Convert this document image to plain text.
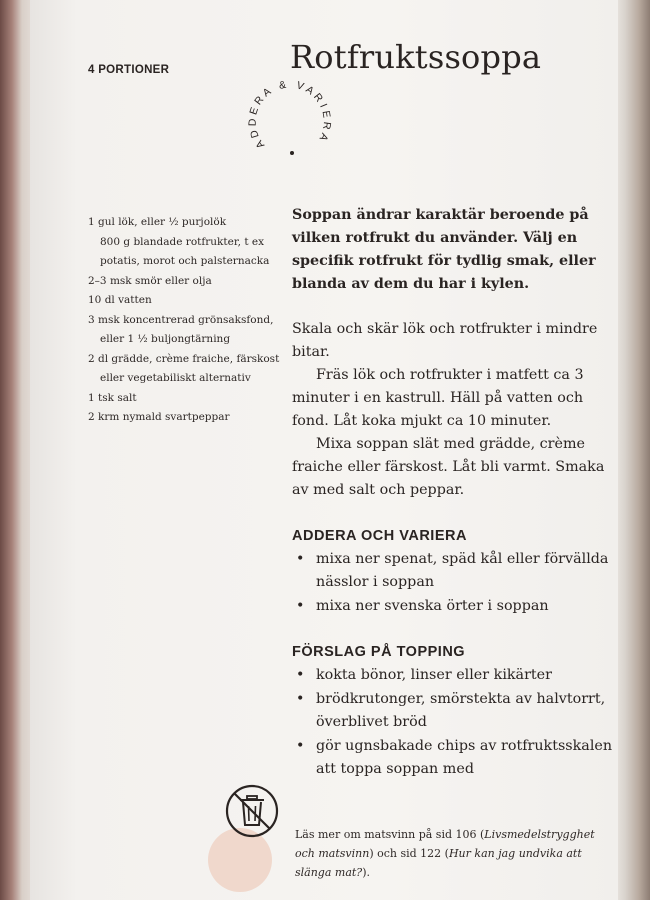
4 PORTIONER	Rotfruktssoppa
ADDERA & VARIERA
1 gul lök, eller ½ purjolök
800 g blandade rotfrukter, t ex
potatis, morot och palsternacka
2–3 msk smör eller olja
10 dl vatten
3 msk koncentrerad grönsaksfond,
eller 1 ½ buljongtärning
2 dl grädde, crème fraiche, färskost
eller vegetabiliskt alternativ
1 tsk salt
2 krm nymald svartpeppar

Soppan ändrar karaktär beroende på vilken rotfrukt du använder. Välj en specifik rotfrukt för tydlig smak, eller blanda av dem du har i kylen.

Skala och skär lök och rotfrukter i mindre bitar.

Fräs lök och rotfrukter i matfett ca 3 minuter i en kastrull. Häll på vatten och fond. Låt koka mjukt ca 10 minuter.

Mixa soppan slät med grädde, crème fraiche eller färskost. Låt bli varmt. Smaka av med salt och peppar.

ADDERA OCH VARIERA
• mixa ner spenat, späd kål eller förvällda nässlor i soppan
• mixa ner svenska örter i soppan
FÖRSLAG PÅ TOPPING
• kokta bönor, linser eller kikärter
• brödkrutonger, smörstekta av halvtorrt, överblivet bröd
• gör ugnsbakade chips av rotfruktsskalen att toppa soppan med
Läs mer om matsvinn på sid 106 (Livsmedelstrygghet och matsvinn) och sid 122 (Hur kan jag undvika att slänga mat?).
